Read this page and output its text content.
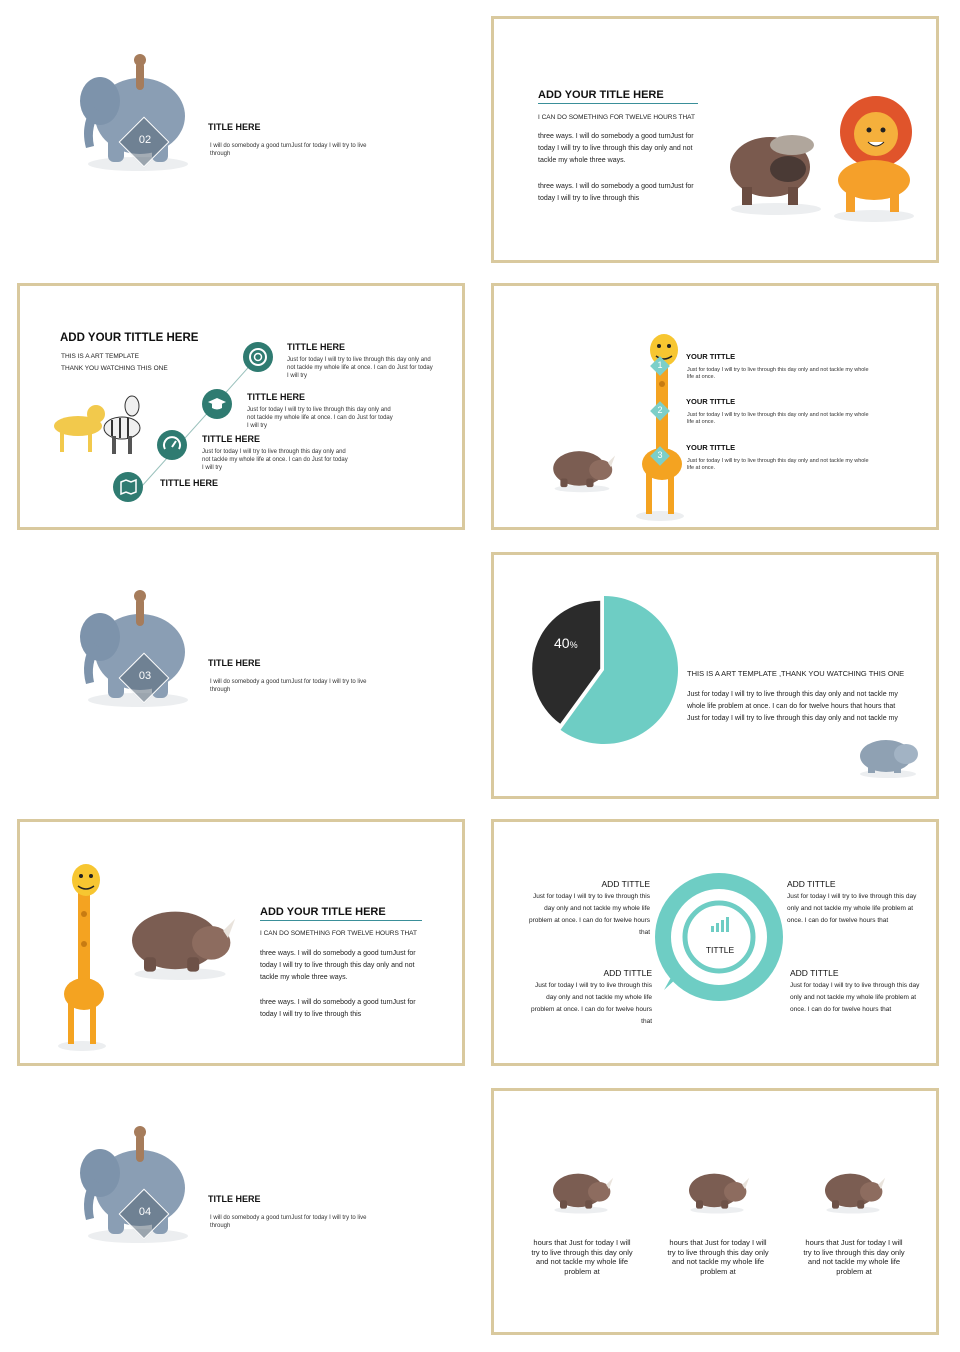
02
TITLE HERE
I will do somebody a good turnJust for today I will try to live through
ADD YOUR TITLE HERE
I CAN DO SOMETHING FOR TWELVE HOURS THAT
three ways. I will do somebody a good turnJust for today I will try to live through this day only and not tackle my whole three ways.
three ways. I will do somebody a good turnJust for today I will try to live through this
ADD YOUR TITTLE HERE
THIS IS A ART TEMPLATE
THANK YOU WATCHING THIS ONE
TITTLE HERE
Just for today I will try to live through this day only and not tackle my whole life at once. I can do Just for today I will try
TITTLE HERE
Just for today I will try to live through this day only and not tackle my whole life at once. I can do Just for today I will try
TITTLE HERE
Just for today I will try to live through this day only and not tackle my whole life at once. I can do Just for today I will try
TITTLE HERE
1
2
3
YOUR TITTLE
Just for today I will try to live through this day only and not tackle my whole life at once.
YOUR TITTLE
Just for today I will try to live through this day only and not tackle my whole life at once.
YOUR TITTLE
Just for today I will try to live through this day only and not tackle my whole life at once.
03
TITLE HERE
I will do somebody a good turnJust for today I will try to live through
40%
THIS IS A ART TEMPLATE ,THANK YOU WATCHING THIS ONE
Just for today I will try to live through this day only and not tackle my whole life problem at once. I can do for twelve hours that hours that Just for today I will try to live through this day only and not tackle my
ADD YOUR TITLE HERE
I CAN DO SOMETHING FOR TWELVE HOURS THAT
three ways. I will do somebody a good turnJust for today I will try to live through this day only and not tackle my whole three ways.
three ways. I will do somebody a good turnJust for today I will try to live through this
TITTLE
ADD TITTLE
Just for today I will try to live through this day only and not tackle my whole life problem at once. I can do for twelve hours that
ADD TITTLE
Just for today I will try to live through this day only and not tackle my whole life problem at once. I can do for twelve hours that
ADD TITTLE
Just for today I will try to live through this day only and not tackle my whole life problem at once. I can do for twelve hours that
ADD TITTLE
Just for today I will try to live through this day only and not tackle my whole life problem at once. I can do for twelve hours that
04
TITLE HERE
I will do somebody a good turnJust for today I will try to live through
hours that Just for today I will try to live through this day only and not tackle my whole life problem at
hours that Just for today I will try to live through this day only and not tackle my whole life problem at
hours that Just for today I will try to live through this day only and not tackle my whole life problem at
